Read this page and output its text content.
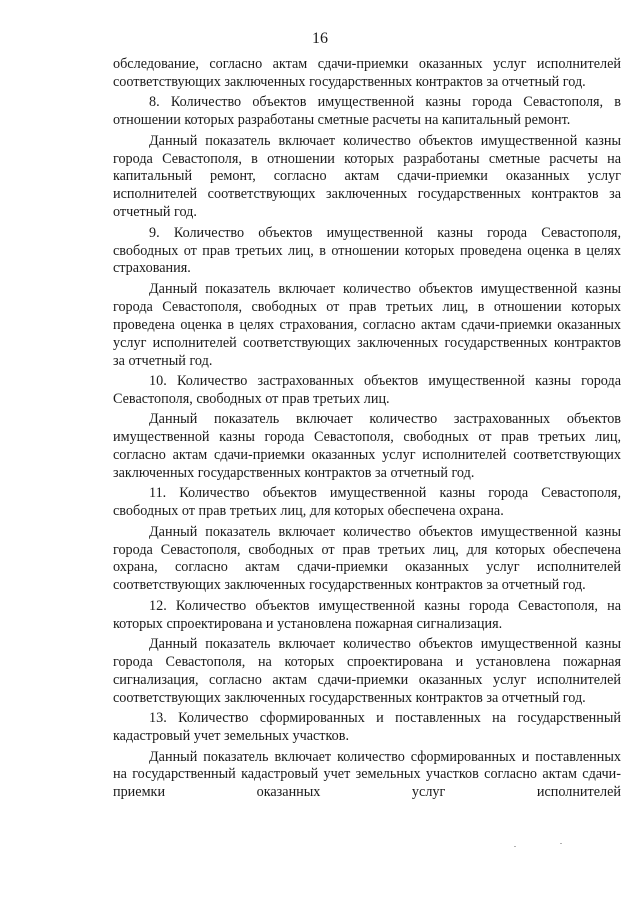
16

обследование, согласно актам сдачи-приемки оказанных услуг исполнителей соответствующих заключенных государственных контрактов за отчетный год.

8. Количество объектов имущественной казны города Севастополя, в отношении которых разработаны сметные расчеты на капитальный ремонт.

Данный показатель включает количество объектов имущественной казны города Севастополя, в отношении которых разработаны сметные расчеты на капитальный ремонт, согласно актам сдачи-приемки оказанных услуг исполнителей соответствующих заключенных государственных контрактов за отчетный год.

9. Количество объектов имущественной казны города Севастополя, свободных от прав третьих лиц, в отношении которых проведена оценка в целях страхования.

Данный показатель включает количество объектов имущественной казны города Севастополя, свободных от прав третьих лиц, в отношении которых проведена оценка в целях страхования, согласно актам сдачи-приемки оказанных услуг исполнителей соответствующих заключенных государственных контрактов за отчетный год.

10. Количество застрахованных объектов имущественной казны города Севастополя, свободных от прав третьих лиц.

Данный показатель включает количество застрахованных объектов имущественной казны города Севастополя, свободных от прав третьих лиц, согласно актам сдачи-приемки оказанных услуг исполнителей соответствующих заключенных государственных контрактов за отчетный год.

11. Количество объектов имущественной казны города Севастополя, свободных от прав третьих лиц, для которых обеспечена охрана.

Данный показатель включает количество объектов имущественной казны города Севастополя, свободных от прав третьих лиц, для которых обеспечена охрана, согласно актам сдачи-приемки оказанных услуг исполнителей соответствующих заключенных государственных контрактов за отчетный год.

12. Количество объектов имущественной казны города Севастополя, на которых спроектирована и установлена пожарная сигнализация.

Данный показатель включает количество объектов имущественной казны города Севастополя, на которых спроектирована и установлена пожарная сигнализация, согласно актам сдачи-приемки оказанных услуг исполнителей соответствующих заключенных государственных контрактов за отчетный год.

13. Количество сформированных и поставленных на государственный кадастровый учет земельных участков.

Данный показатель включает количество сформированных и поставленных на государственный кадастровый учет земельных участков согласно актам сдачи-приемки оказанных услуг исполнителей
